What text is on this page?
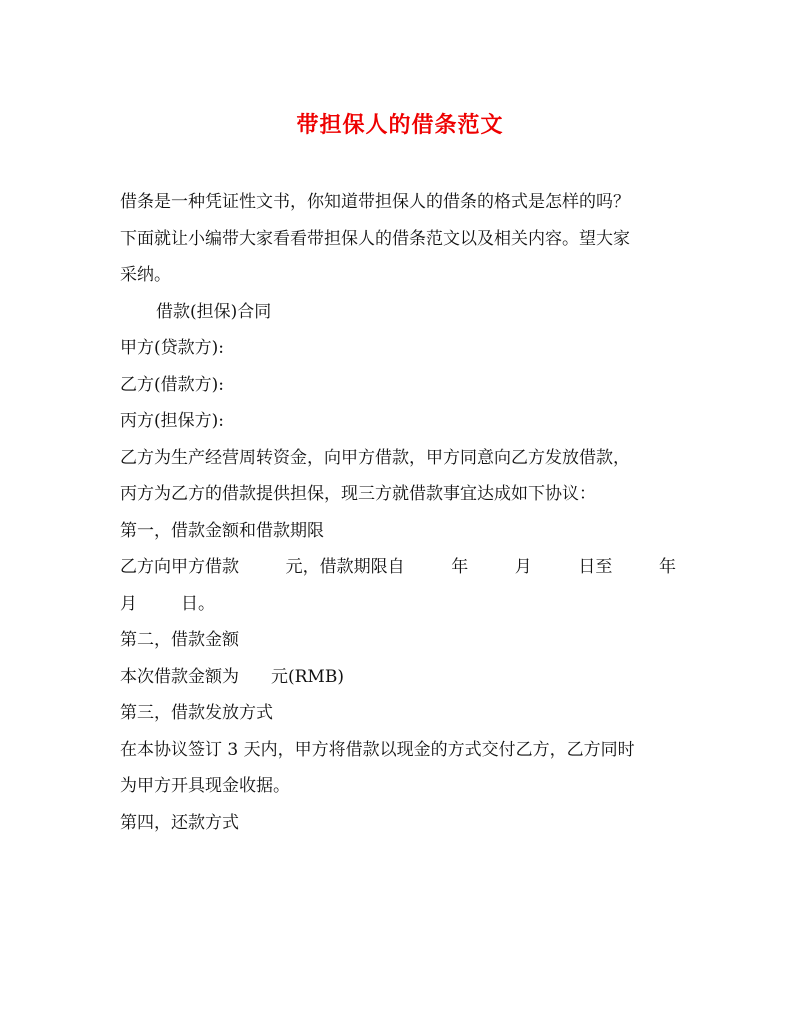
带担保人的借条范文
借条是一种凭证性文书，你知道带担保人的借条的格式是怎样的吗？
下面就让小编带大家看看带担保人的借条范文以及相关内容。望大家
采纳。
借款(担保)合同
甲方(贷款方):
乙方(借款方):
丙方(担保方):
乙方为生产经营周转资金，向甲方借款，甲方同意向乙方发放借款，
丙方为乙方的借款提供担保，现三方就借款事宜达成如下协议：
第一，借款金额和借款期限
乙方向甲方借款	元，借款期限自	年	月	日至	年
月	日。
第二，借款金额
本次借款金额为 元(RMB)
第三，借款发放方式
在本协议签订 3 天内，甲方将借款以现金的方式交付乙方，乙方同时
为甲方开具现金收据。
第四，还款方式
